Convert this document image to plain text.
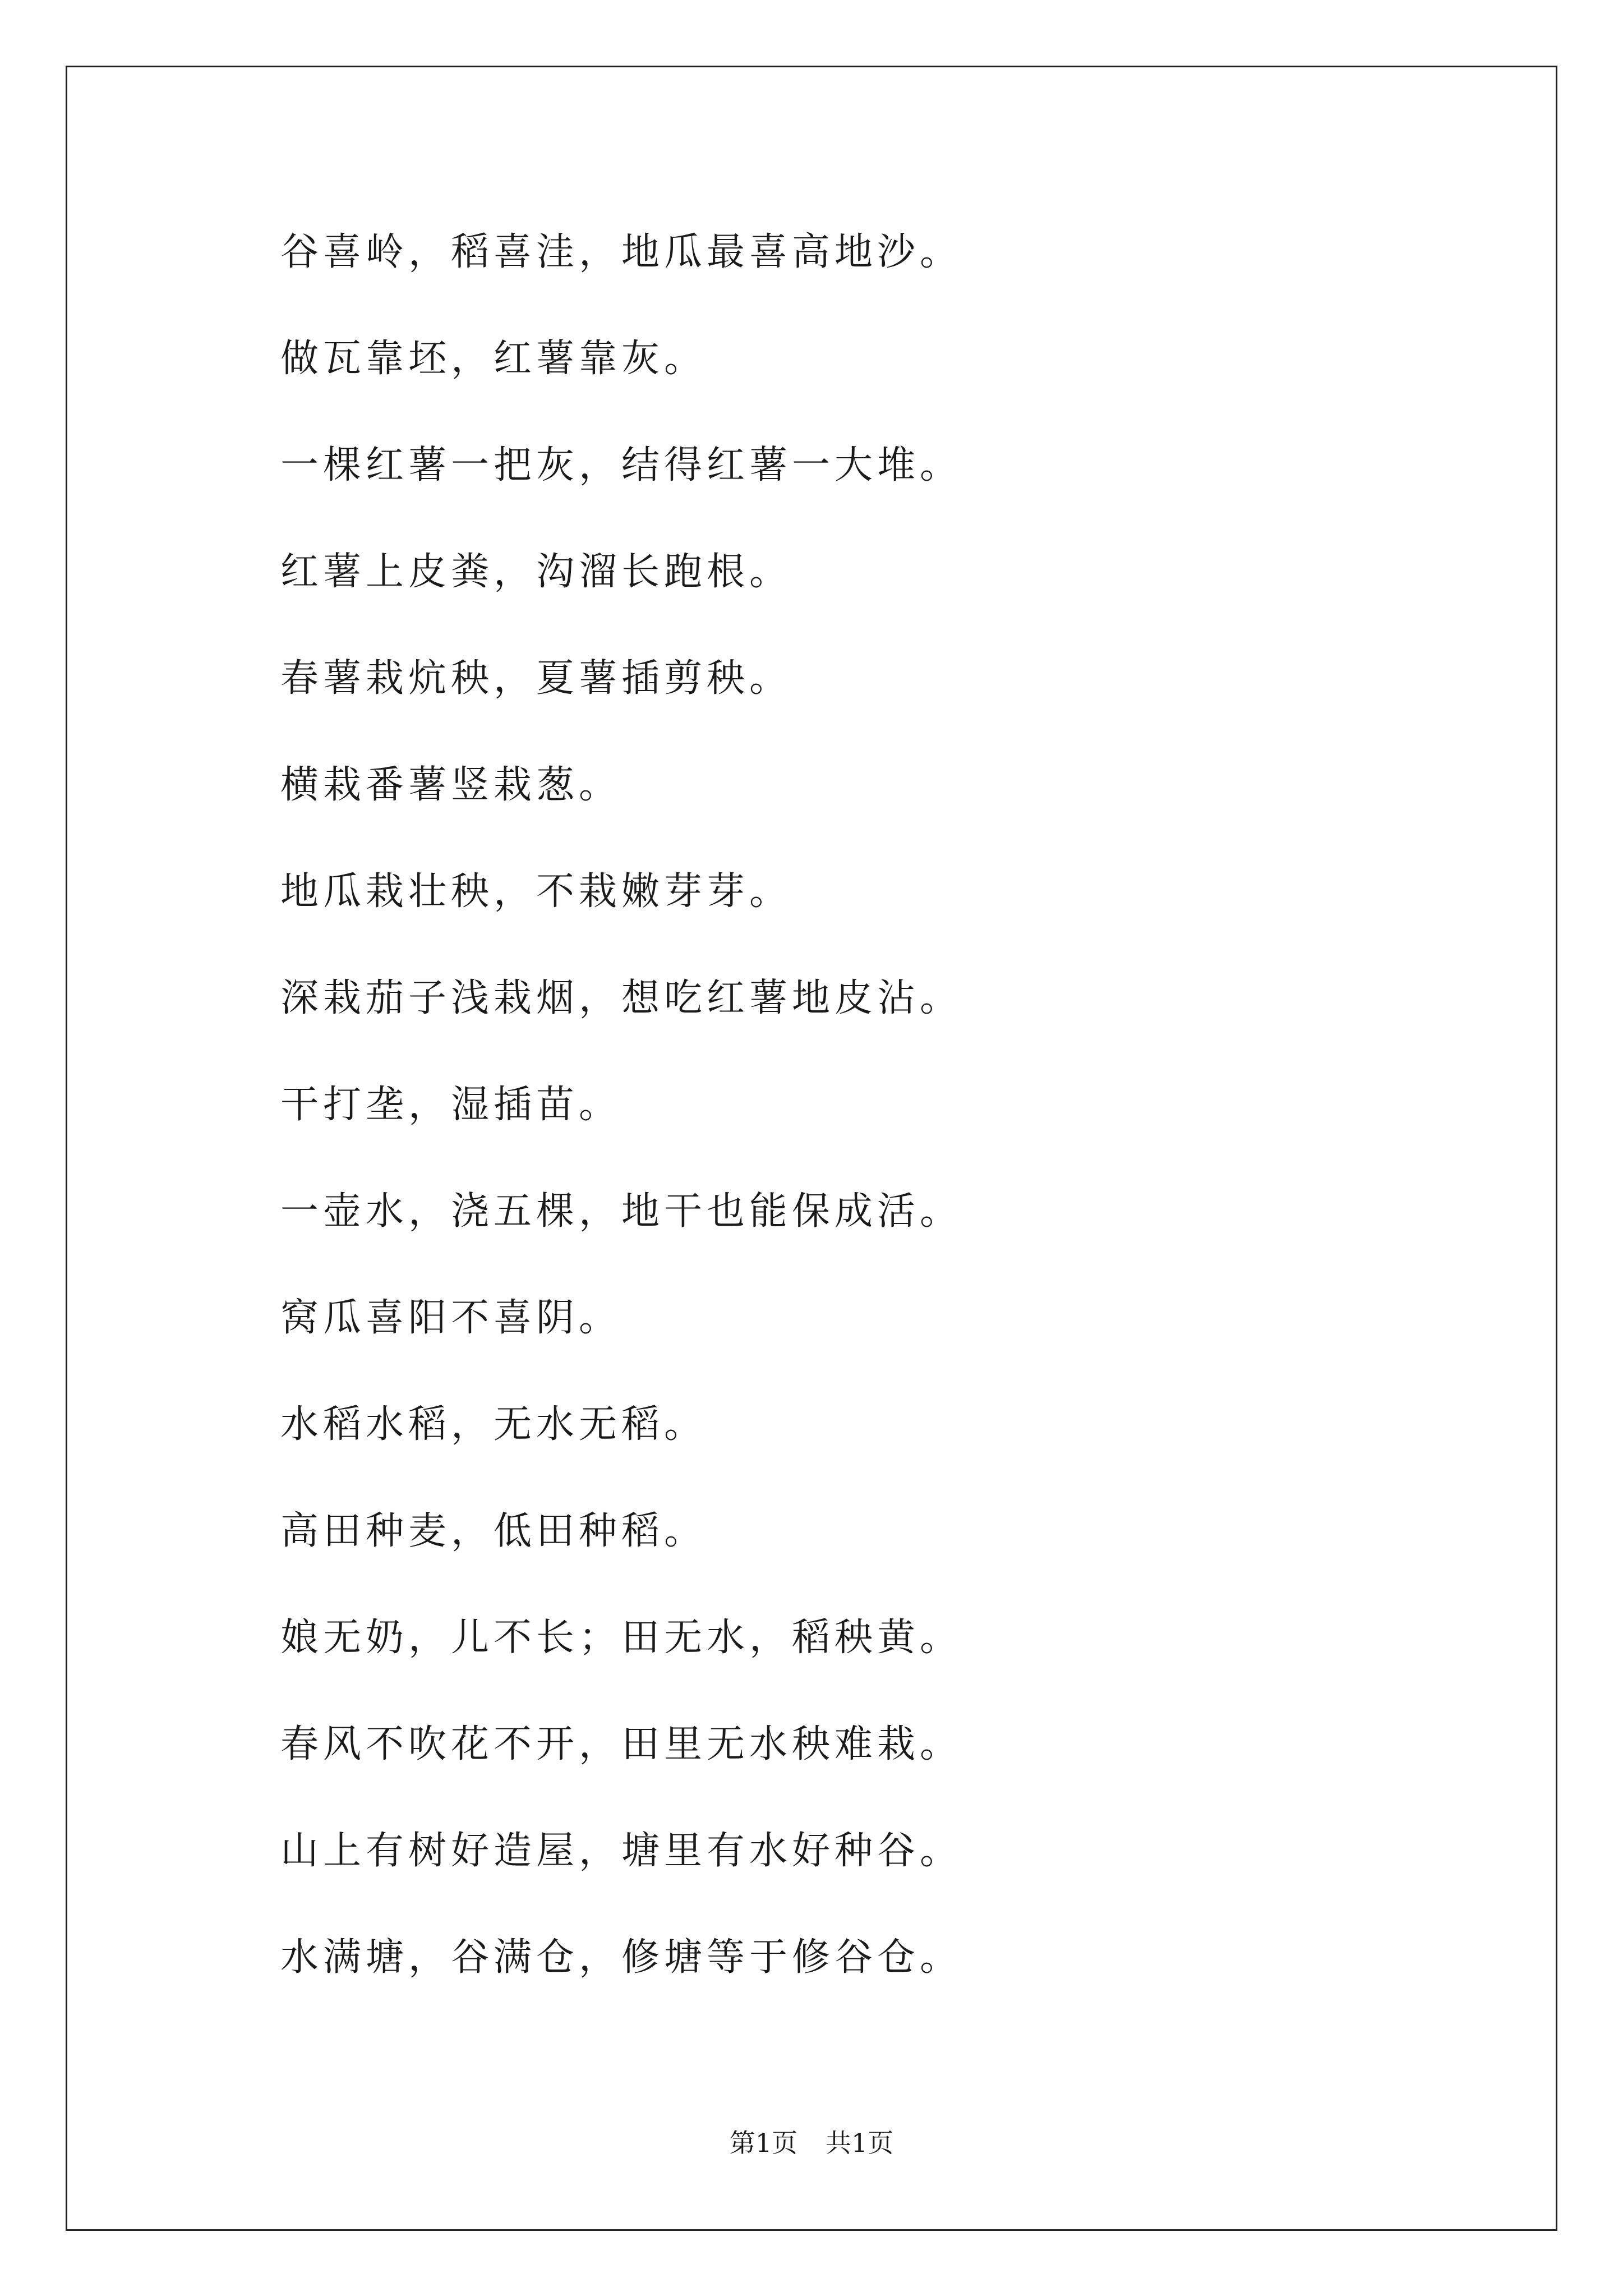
谷喜岭，稻喜洼，地瓜最喜高地沙。
做瓦靠坯，红薯靠灰。
一棵红薯一把灰，结得红薯一大堆。
红薯上皮粪，沟溜长跑根。
春薯栽炕秧，夏薯插剪秧。
横栽番薯竖栽葱。
地瓜栽壮秧，不栽嫩芽芽。
深栽茄子浅栽烟，想吃红薯地皮沾。
干打垄，湿插苗。
一壶水，浇五棵，地干也能保成活。
窝瓜喜阳不喜阴。
水稻水稻，无水无稻。
高田种麦，低田种稻。
娘无奶，儿不长；田无水，稻秧黄。
春风不吹花不开，田里无水秧难栽。
山上有树好造屋，塘里有水好种谷。
水满塘，谷满仓，修塘等于修谷仓。
第1页 共1页
